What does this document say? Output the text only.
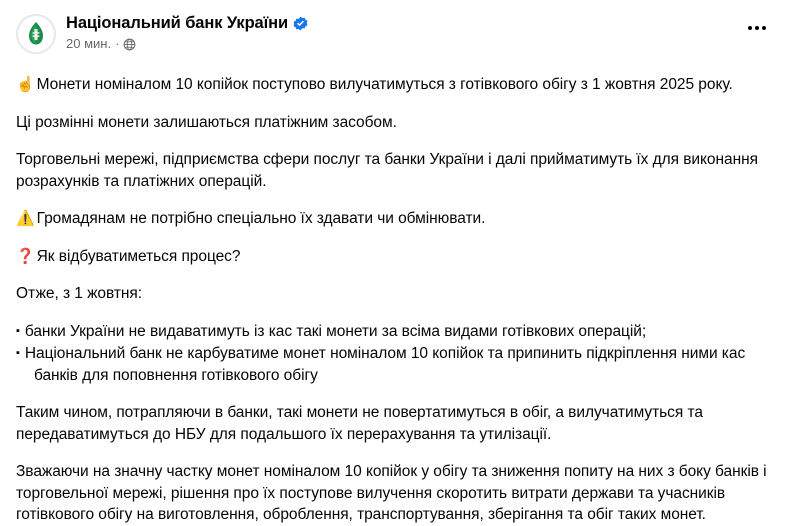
Національний банк України
20 мин. ·

☝️ Монети номіналом 10 копійок поступово вилучатимуться з готівкового обігу з 1 жовтня 2025 року.

Ці розмінні монети залишаються платіжним засобом.

Торговельні мережі, підприємства сфери послуг та банки України і далі прийматимуть їх для виконання розрахунків та платіжних операцій.

⚠️ Громадянам не потрібно спеціально їх здавати чи обмінювати.

❓ Як відбуватиметься процес?

Отже, з 1 жовтня:

▪ банки України не видаватимуть із кас такі монети за всіма видами готівкових операцій;

▪ Національний банк не карбуватиме монет номіналом 10 копійок та припинить підкріплення ними кас банків для поповнення готівкового обігу

Таким чином, потрапляючи в банки, такі монети не повертатимуться в обіг, а вилучатимуться та передаватимуться до НБУ для подальшого їх перерахування та утилізації.

Зважаючи на значну частку монет номіналом 10 копійок у обігу та зниження попиту на них з боку банків і торговельної мережі, рішення про їх поступове вилучення скоротить витрати держави та учасників готівкового обігу на виготовлення, оброблення, транспортування, зберігання та обіг таких монет.
